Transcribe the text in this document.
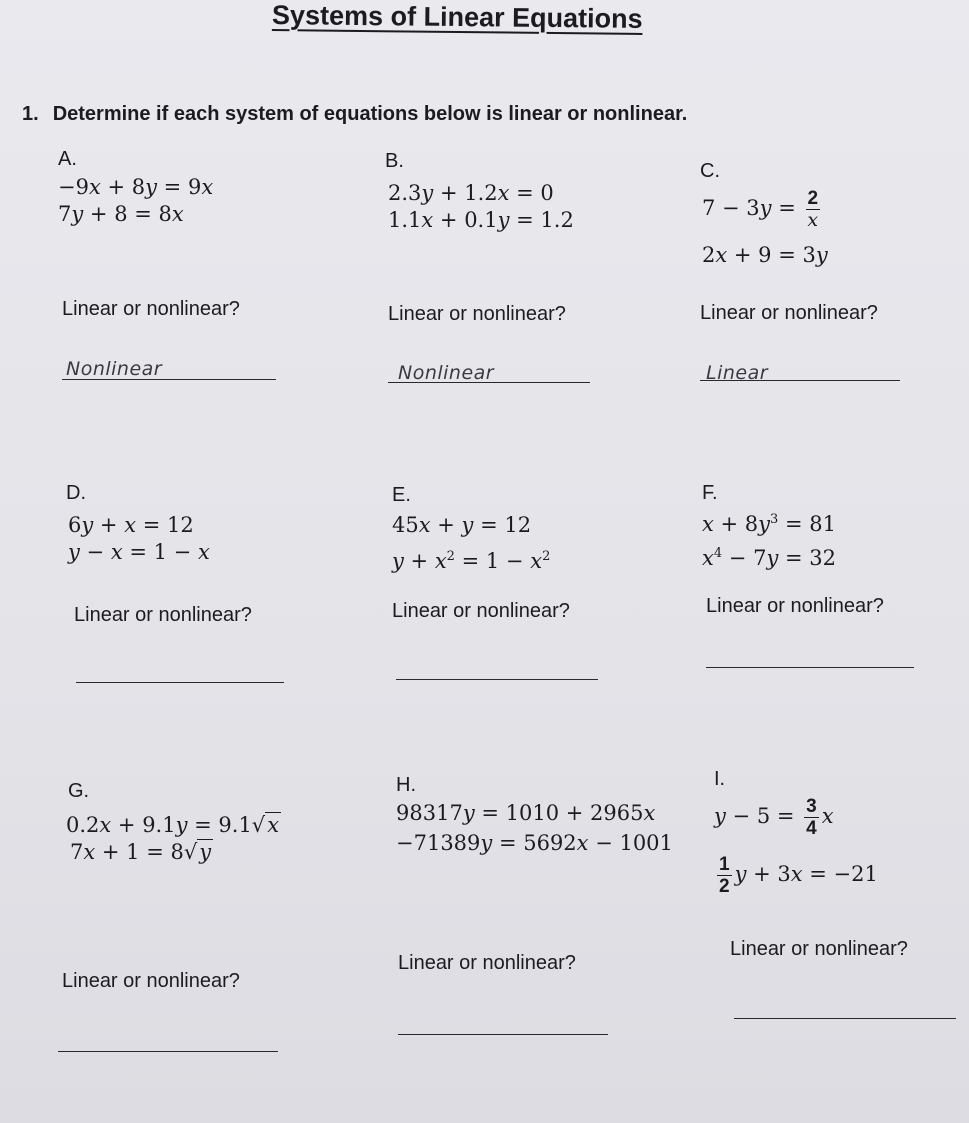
Systems of Linear Equations
1. Determine if each system of equations below is linear or nonlinear.
A.
−9x + 8y = 9x
7y + 8 = 8x
Linear or nonlinear?
Nonlinear
B.
2.3y + 1.2x = 0
1.1x + 0.1y = 1.2
Linear or nonlinear?
Nonlinear
C.
$7 - 3y = \frac{2}{x}$
2x + 9 = 3y
Linear or nonlinear?
Linear
D.
6y + x = 12
y − x = 1 − x
Linear or nonlinear?
E.
45x + y = 12
$y + x^2 = 1 - x^2$
Linear or nonlinear?
F.
$x + 8y^3 = 81$
$x^4 - 7y = 32$
Linear or nonlinear?
G.
0.2x + 9.1y = 9.1√x
7x + 1 = 8√y
Linear or nonlinear?
H.
98317y = 1010 + 2965x
−71389y = 5692x − 1001
Linear or nonlinear?
I.
$y - 5 = \frac{3}{4}$ x
$\frac{1}{2}$ y + 3x = −21
Linear or nonlinear?
